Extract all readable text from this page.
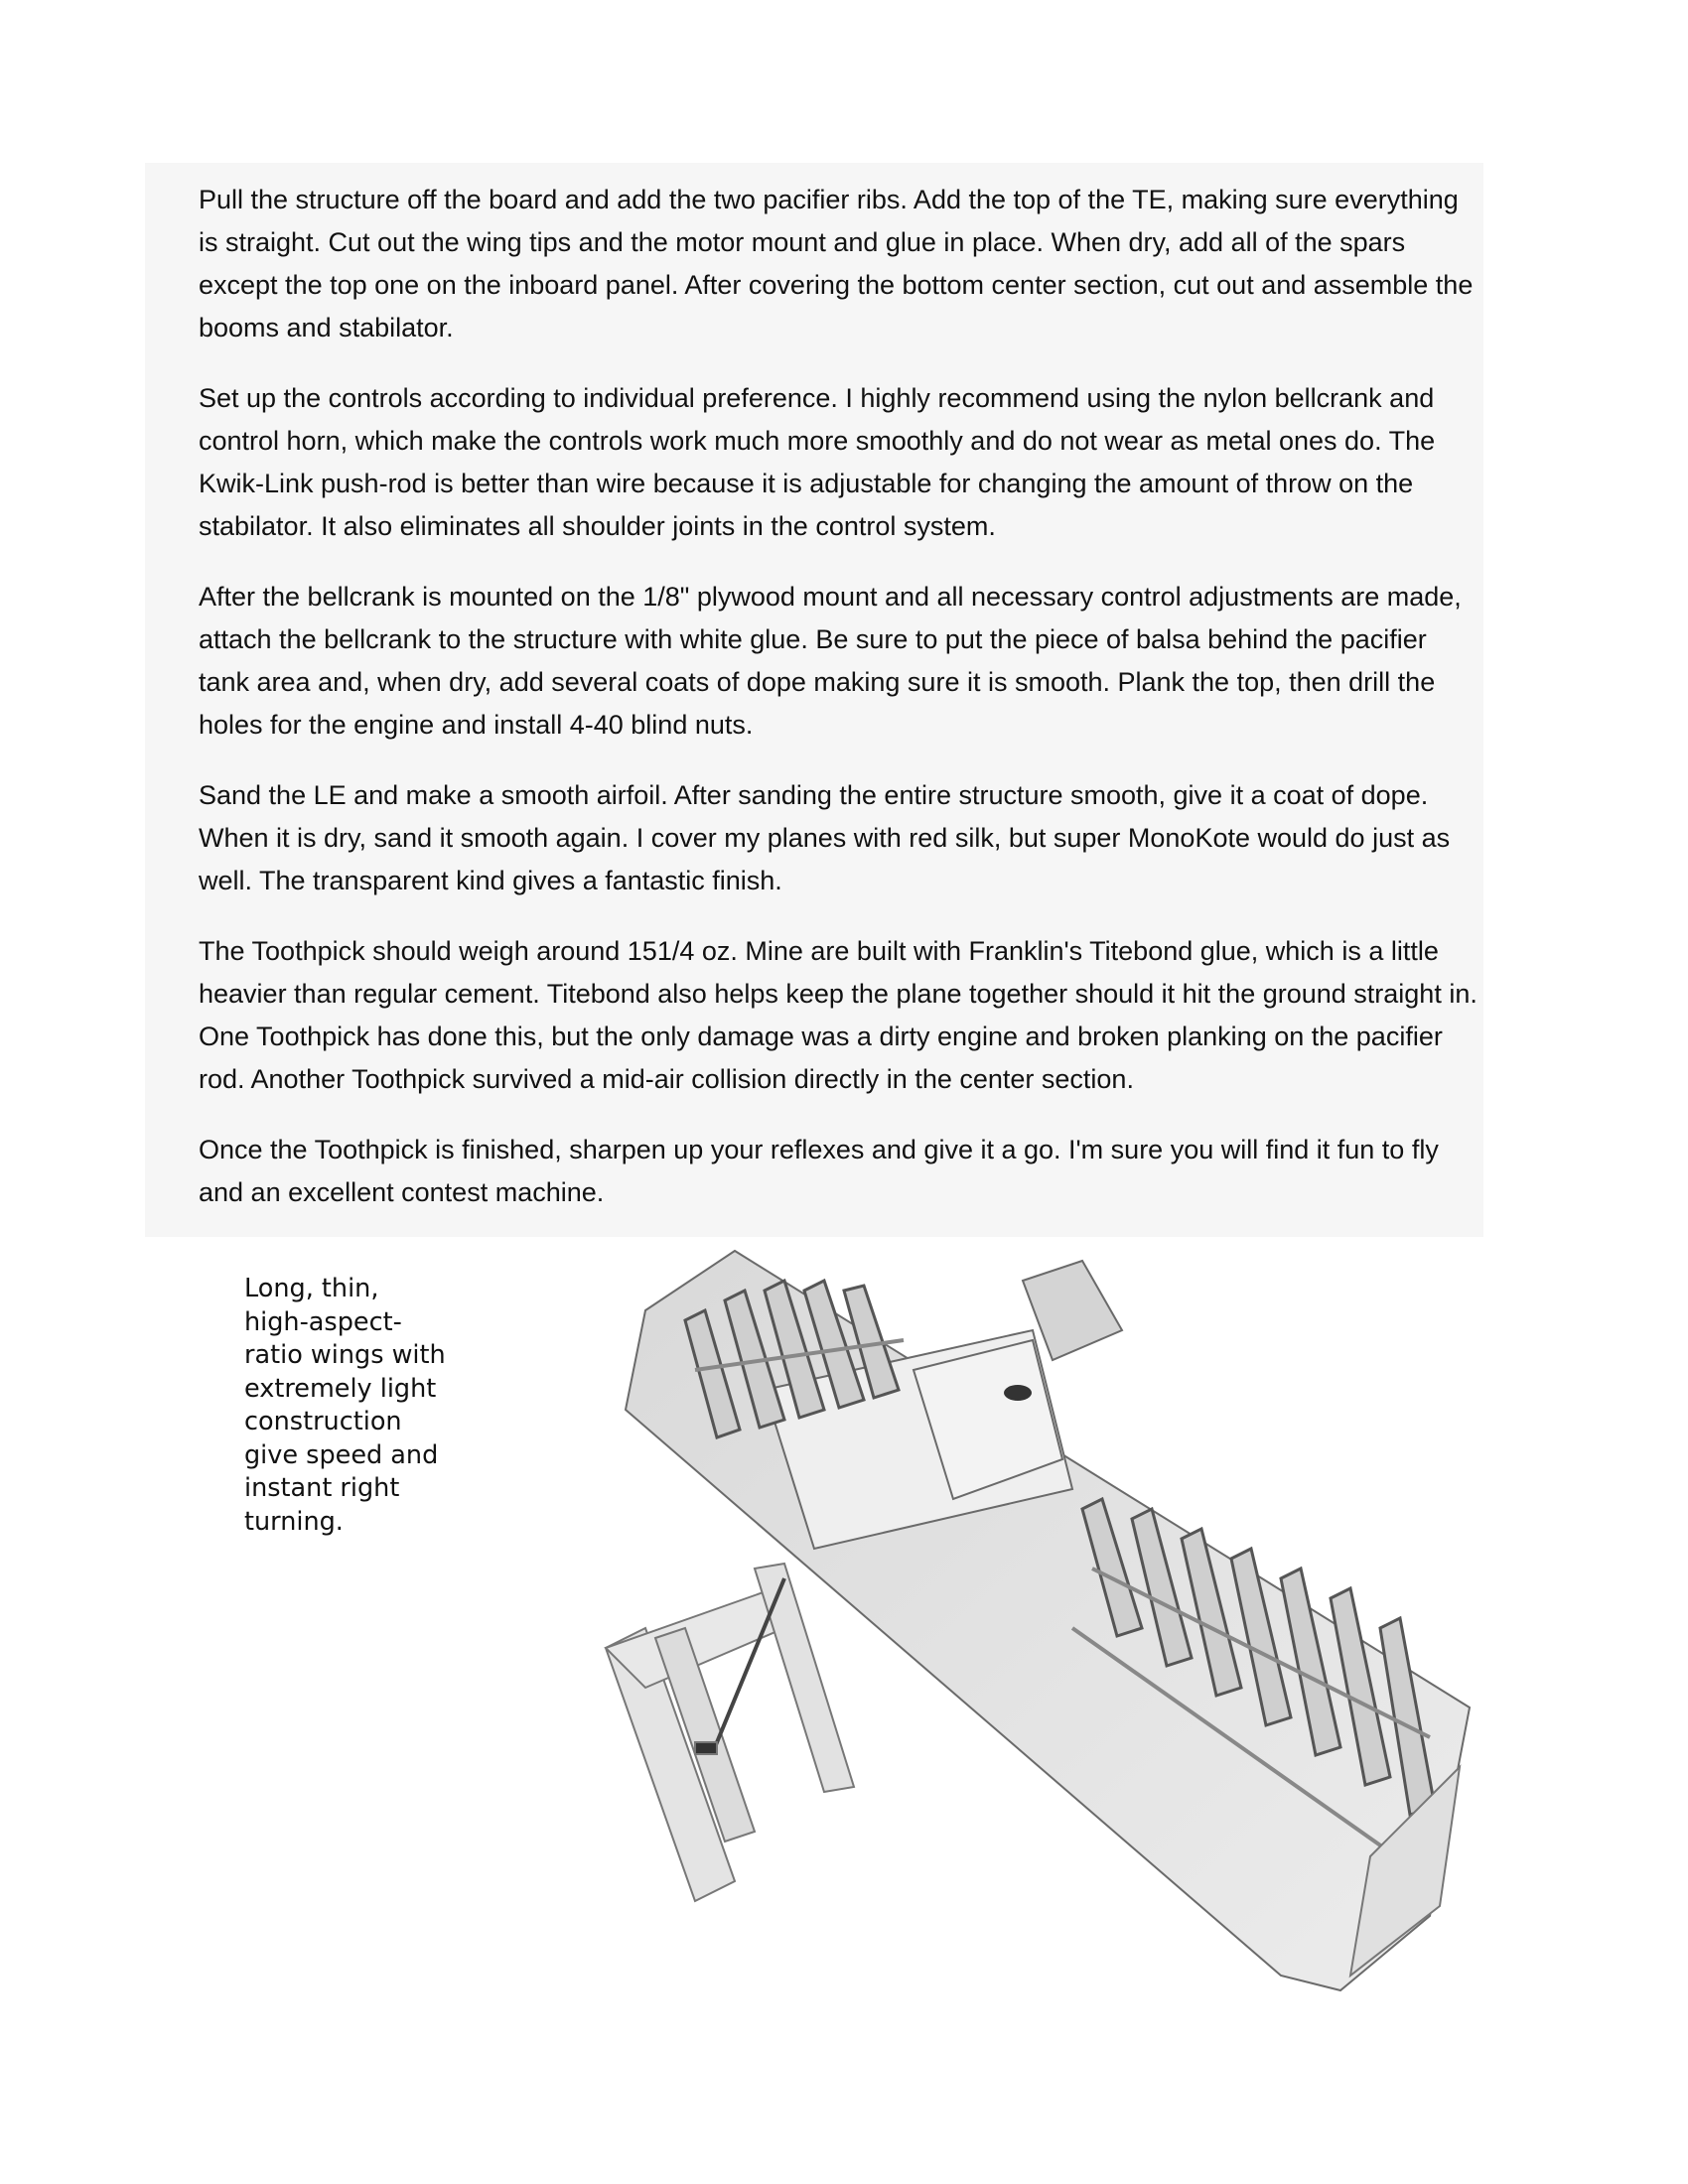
Pull the structure off the board and add the two pacifier ribs. Add the top of the TE, making sure everything is straight. Cut out the wing tips and the motor mount and glue in place. When dry, add all of the spars except the top one on the inboard panel. After covering the bottom center section, cut out and assemble the booms and stabilator.

Set up the controls according to individual preference. I highly recommend using the nylon bellcrank and control horn, which make the controls work much more smoothly and do not wear as metal ones do. The Kwik-Link push-rod is better than wire because it is adjustable for changing the amount of throw on the stabilator. It also eliminates all shoulder joints in the control system.

After the bellcrank is mounted on the 1/8" plywood mount and all necessary control adjustments are made, attach the bellcrank to the structure with white glue. Be sure to put the piece of balsa behind the pacifier tank area and, when dry, add several coats of dope making sure it is smooth. Plank the top, then drill the holes for the engine and install 4-40 blind nuts.

Sand the LE and make a smooth airfoil. After sanding the entire structure smooth, give it a coat of dope. When it is dry, sand it smooth again. I cover my planes with red silk, but super MonoKote would do just as well. The transparent kind gives a fantastic finish.

The Toothpick should weigh around 151/4 oz. Mine are built with Franklin's Titebond glue, which is a little heavier than regular cement. Titebond also helps keep the plane together should it hit the ground straight in. One Toothpick has done this, but the only damage was a dirty engine and broken planking on the pacifier rod. Another Toothpick survived a mid-air collision directly in the center section.

Once the Toothpick is finished, sharpen up your reflexes and give it a go. I'm sure you will find it fun to fly and an excellent contest machine.

Long, thin,
high-aspect-
ratio wings with
extremely light
construction
give speed and
instant right
turning.
